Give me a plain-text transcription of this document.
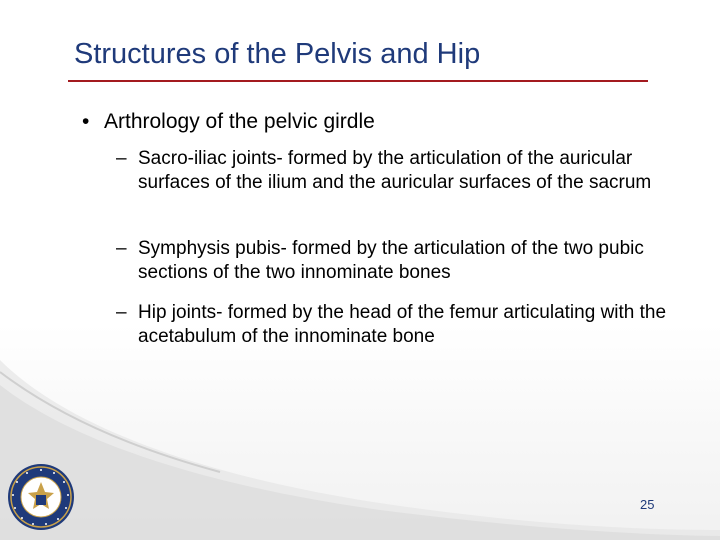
Structures of the Pelvis and Hip
• Arthrology of the pelvic girdle
– Sacro-iliac joints- formed by the articulation of the auricular surfaces of the ilium and the auricular surfaces of the sacrum
– Symphysis pubis- formed by the articulation of the two pubic sections of the two innominate bones
– Hip joints- formed by the head of the femur articulating with the acetabulum of the innominate bone
25
